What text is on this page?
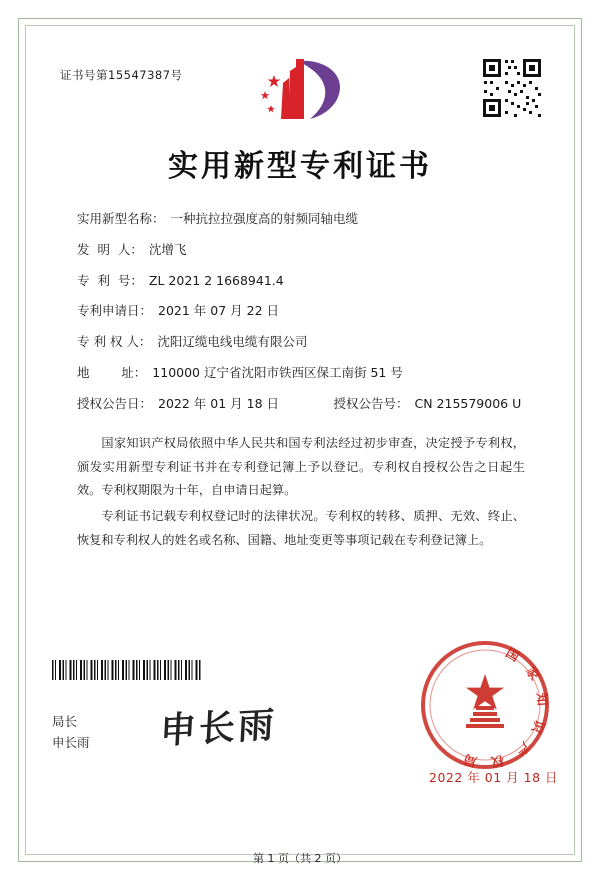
证书号第15547387号
实用新型专利证书
实用新型名称： 一种抗拉拉强度高的射频同轴电缆
发  明  人： 沈增飞
专  利  号： ZL 2021 2 1668941.4
专利申请日： 2021 年 07 月 22 日
专 利 权 人： 沈阳辽缆电线电缆有限公司
地        址： 110000 辽宁省沈阳市铁西区保工南街 51 号
授权公告日： 2022 年 01 月 18 日	授权公告号： CN 215579006 U

国家知识产权局依照中华人民共和国专利法经过初步审查，决定授予专利权，颁发实用新型专利证书并在专利登记簿上予以登记。专利权自授权公告之日起生效。专利权期限为十年，自申请日起算。

专利证书记载专利权登记时的法律状况。专利权的转移、质押、无效、终止、恢复和专利权人的姓名或名称、国籍、地址变更等事项记载在专利登记簿上。

局长
申长雨 申长雨
国 家 知 识 产 权 局
2022 年 01 月 18 日
第 1 页（共 2 页）
